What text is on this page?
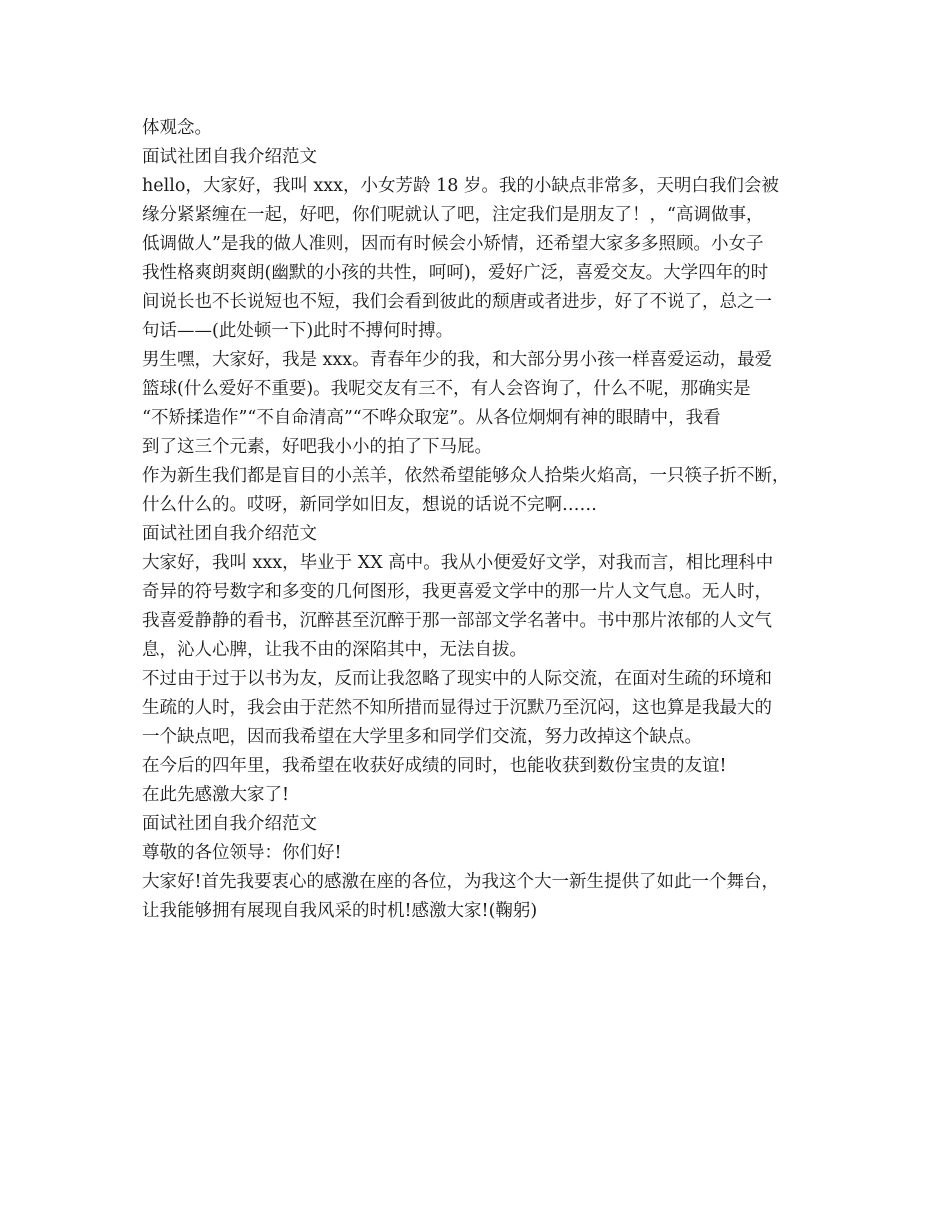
体观念。
面试社团自我介绍范文
hello，大家好，我叫 xxx，小女芳龄 18 岁。我的小缺点非常多，天明白我们会被
缘分紧紧缠在一起，好吧，你们呢就认了吧，注定我们是朋友了！，“高调做事，
低调做人”是我的做人准则，因而有时候会小矫情，还希望大家多多照顾。小女子
我性格爽朗爽朗(幽默的小孩的共性，呵呵)，爱好广泛，喜爱交友。大学四年的时
间说长也不长说短也不短，我们会看到彼此的颓唐或者进步，好了不说了，总之一
句话——(此处顿一下)此时不搏何时搏。
男生嘿，大家好，我是 xxx。青春年少的我，和大部分男小孩一样喜爱运动，最爱
篮球(什么爱好不重要)。我呢交友有三不，有人会咨询了，什么不呢，那确实是
“不矫揉造作”“不自命清高”“不哗众取宠”。从各位炯炯有神的眼睛中，我看
到了这三个元素，好吧我小小的拍了下马屁。
作为新生我们都是盲目的小羔羊，依然希望能够众人拾柴火焰高，一只筷子折不断，
什么什么的。哎呀，新同学如旧友，想说的话说不完啊……
面试社团自我介绍范文
大家好，我叫 xxx，毕业于 XX 高中。我从小便爱好文学，对我而言，相比理科中
奇异的符号数字和多变的几何图形，我更喜爱文学中的那一片人文气息。无人时，
我喜爱静静的看书，沉醉甚至沉醉于那一部部文学名著中。书中那片浓郁的人文气
息，沁人心脾，让我不由的深陷其中，无法自拔。
不过由于过于以书为友，反而让我忽略了现实中的人际交流，在面对生疏的环境和
生疏的人时，我会由于茫然不知所措而显得过于沉默乃至沉闷，这也算是我最大的
一个缺点吧，因而我希望在大学里多和同学们交流，努力改掉这个缺点。
在今后的四年里，我希望在收获好成绩的同时，也能收获到数份宝贵的友谊!
在此先感激大家了!
面试社团自我介绍范文
尊敬的各位领导：你们好!
大家好!首先我要衷心的感激在座的各位，为我这个大一新生提供了如此一个舞台，
让我能够拥有展现自我风采的时机!感激大家!(鞠躬)
